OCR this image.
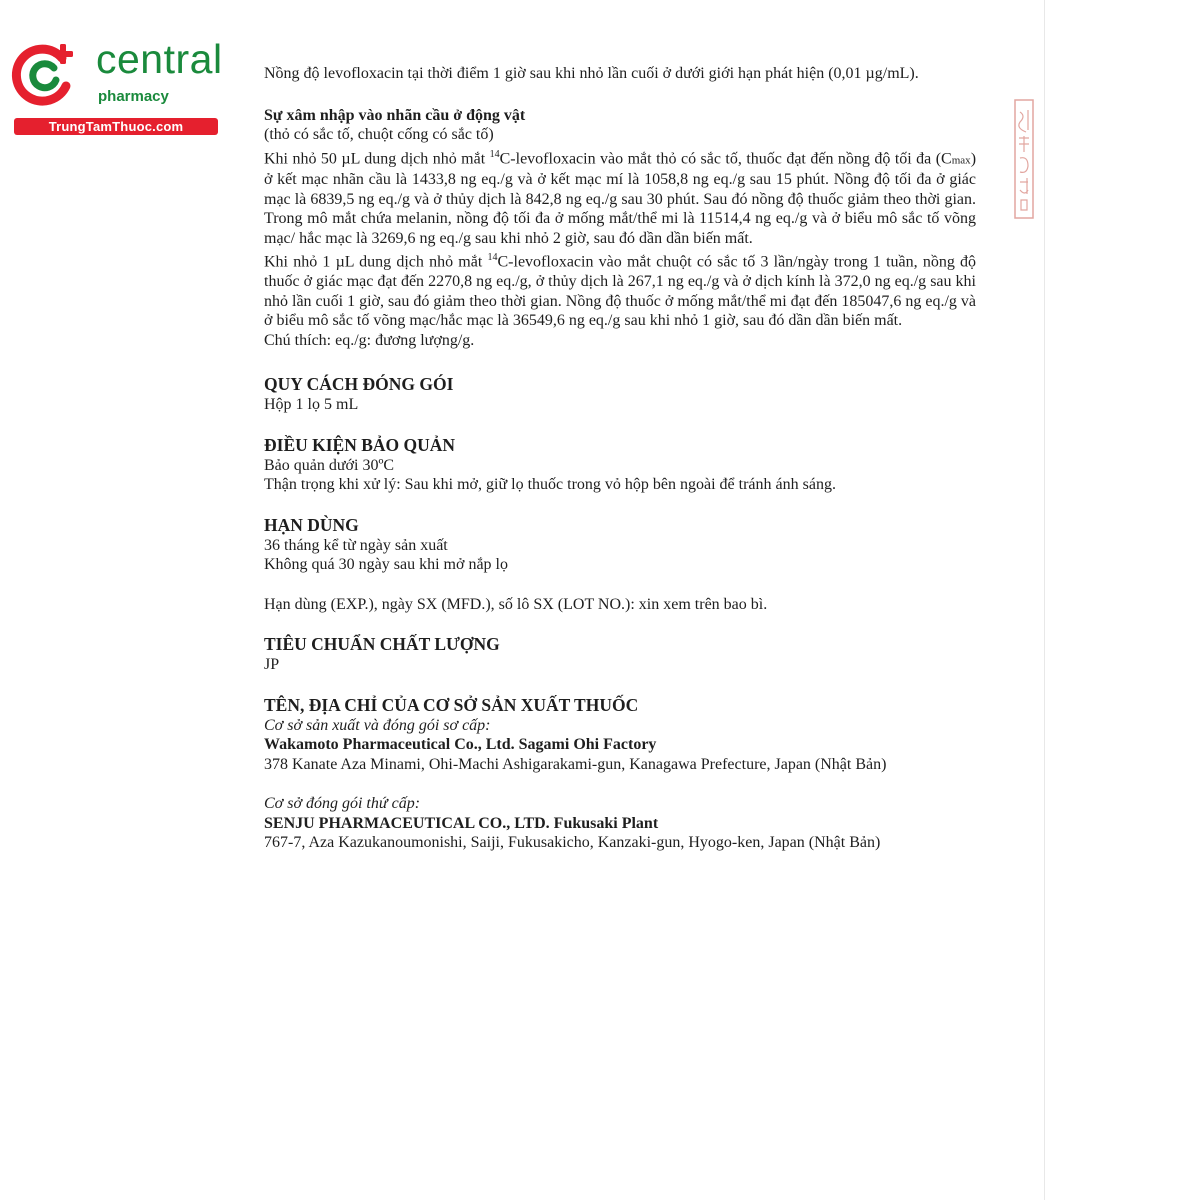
central
pharmacy
TrungTamThuoc.com

Nồng độ levofloxacin tại thời điểm 1 giờ sau khi nhỏ lần cuối ở dưới giới hạn phát hiện (0,01 µg/mL).

Sự xâm nhập vào nhãn cầu ở động vật

(thỏ có sắc tố, chuột cống có sắc tố)

Khi nhỏ 50 µL dung dịch nhỏ mắt $^{14}$C-levofloxacin vào mắt thỏ có sắc tố, thuốc đạt đến nồng độ tối đa (Cmax) ở kết mạc nhãn cầu là 1433,8 ng eq./g và ở kết mạc mí là 1058,8 ng eq./g sau 15 phút. Nồng độ tối đa ở giác mạc là 6839,5 ng eq./g và ở thủy dịch là 842,8 ng eq./g sau 30 phút. Sau đó nồng độ thuốc giảm theo thời gian. Trong mô mắt chứa melanin, nồng độ tối đa ở mống mắt/thể mi là 11514,4 ng eq./g và ở biểu mô sắc tố võng mạc/ hắc mạc là 3269,6 ng eq./g sau khi nhỏ 2 giờ, sau đó dần dần biến mất.

Khi nhỏ 1 µL dung dịch nhỏ mắt $^{14}$C-levofloxacin vào mắt chuột có sắc tố 3 lần/ngày trong 1 tuần, nồng độ thuốc ở giác mạc đạt đến 2270,8 ng eq./g, ở thủy dịch là 267,1 ng eq./g và ở dịch kính là 372,0 ng eq./g sau khi nhỏ lần cuối 1 giờ, sau đó giảm theo thời gian. Nồng độ thuốc ở mống mắt/thể mi đạt đến 185047,6 ng eq./g và ở biểu mô sắc tố võng mạc/hắc mạc là 36549,6 ng eq./g sau khi nhỏ 1 giờ, sau đó dần dần biến mất.

Chú thích: eq./g: đương lượng/g.

QUY CÁCH ĐÓNG GÓI

Hộp 1 lọ 5 mL

ĐIỀU KIỆN BẢO QUẢN

Bảo quản dưới 30ºC

Thận trọng khi xử lý: Sau khi mở, giữ lọ thuốc trong vỏ hộp bên ngoài để tránh ánh sáng.

HẠN DÙNG

36 tháng kể từ ngày sản xuất

Không quá 30 ngày sau khi mở nắp lọ

Hạn dùng (EXP.), ngày SX (MFD.), số lô SX (LOT NO.): xin xem trên bao bì.

TIÊU CHUẨN CHẤT LƯỢNG

JP

TÊN, ĐỊA CHỈ CỦA CƠ SỞ SẢN XUẤT THUỐC

Cơ sở sản xuất và đóng gói sơ cấp:

Wakamoto Pharmaceutical Co., Ltd. Sagami Ohi Factory

378 Kanate Aza Minami, Ohi-Machi Ashigarakami-gun, Kanagawa Prefecture, Japan (Nhật Bản)

Cơ sở đóng gói thứ cấp:

SENJU PHARMACEUTICAL CO., LTD. Fukusaki Plant

767-7, Aza Kazukanoumonishi, Saiji, Fukusakicho, Kanzaki-gun, Hyogo-ken, Japan (Nhật Bản)
